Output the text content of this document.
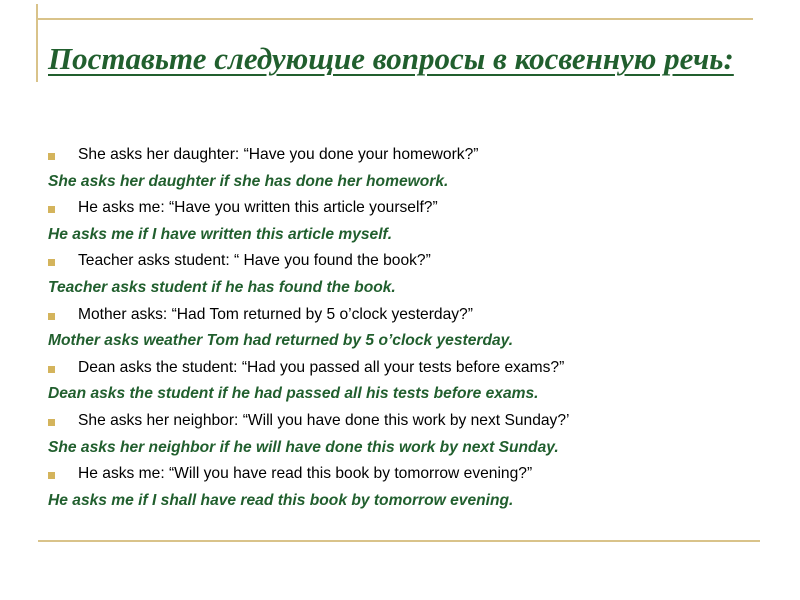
Поставьте следующие вопросы в косвенную речь:
She asks her daughter: “Have you done your homework?”
She asks her daughter if she has done her homework.
He asks me: “Have you written this article yourself?”
He asks me if I have written this article myself.
Teacher asks student: “ Have you found the book?”
Teacher asks student if he has found the book.
Mother asks: “Had Tom returned by 5 o’clock yesterday?”
Mother asks weather Tom had returned by 5 o’clock yesterday.
Dean asks the student: “Had you passed all your tests before exams?”
Dean asks the student if he had passed all his tests before exams.
She asks her neighbor: “Will you have done this work by next Sunday?’
She asks her neighbor if he will have done this work by next Sunday.
He asks me: “Will you have read this book by tomorrow evening?”
He asks me if I shall have read this book by tomorrow evening.
